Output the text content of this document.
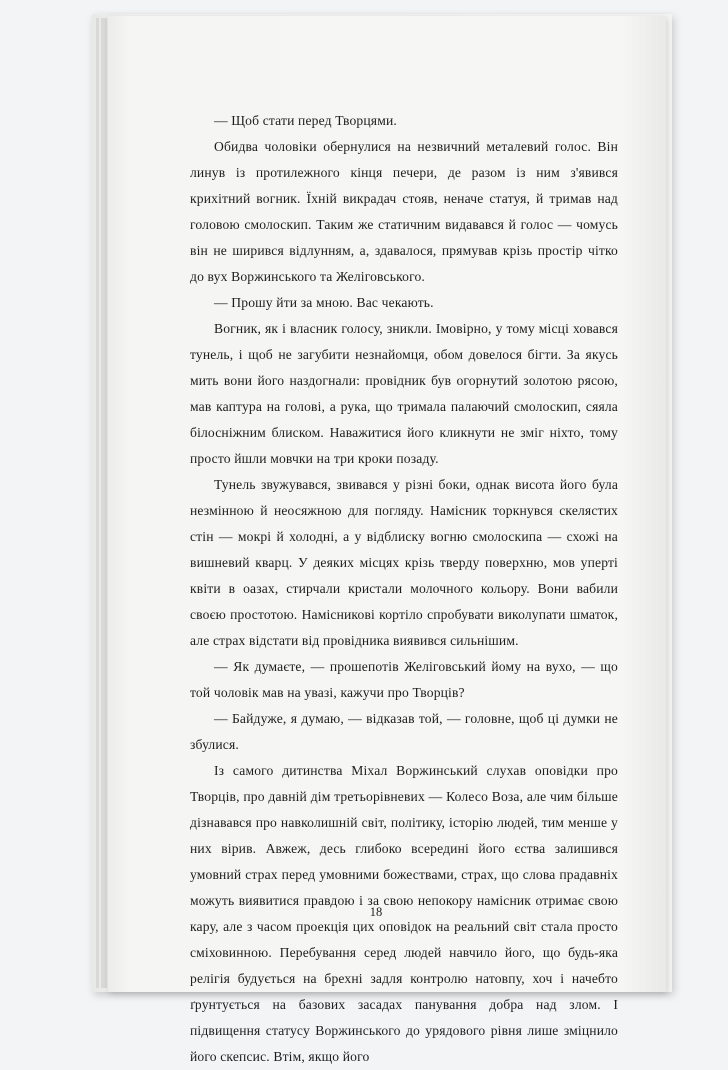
— Щоб стати перед Творцями.

Обидва чоловіки обернулися на незвичний металевий голос. Він линув із протилежного кінця печери, де разом із ним з'явився крихітний вогник. Їхній викрадач стояв, неначе статуя, й тримав над головою смолоскип. Таким же статичним видавався й голос — чомусь він не ширився відлунням, а, здавалося, прямував крізь простір чітко до вух Воржинського та Желіговського.

— Прошу йти за мною. Вас чекають.

Вогник, як і власник голосу, зникли. Імовірно, у тому місці ховався тунель, і щоб не загубити незнайомця, обом довелося бігти. За якусь мить вони його наздогнали: провідник був огорнутий золотою рясою, мав каптура на голові, а рука, що тримала палаючий смолоскип, сяяла білосніжним блиском. Наважитися його кликнути не зміг ніхто, тому просто йшли мовчки на три кроки позаду.

Тунель звужувався, звивався у різні боки, однак висота його була незмінною й неосяжною для погляду. Намісник торкнувся скелястих стін — мокрі й холодні, а у відблиску вогню смолоскипа — схожі на вишневий кварц. У деяких місцях крізь тверду поверхню, мов уперті квіти в оазах, стирчали кристали молочного кольору. Вони вабили своєю простотою. Намісникові кортіло спробувати виколупати шматок, але страх відстати від провідника виявився сильнішим.

— Як думаєте, — прошепотів Желіговський йому на вухо, — що той чоловік мав на увазі, кажучи про Творців?

— Байдуже, я думаю, — відказав той, — головне, щоб ці думки не збулися.

Із самого дитинства Міхал Воржинський слухав оповідки про Творців, про давній дім третьорівневих — Колесо Воза, але чим більше дізнавався про навколишній світ, політику, історію людей, тим менше у них вірив. Авжеж, десь глибоко всередині його єства залишився умовний страх перед умовними божествами, страх, що слова прадавніх можуть виявитися правдою і за свою непокору намісник отримає свою кару, але з часом проекція цих оповідок на реальний світ стала просто сміховинною. Перебування серед людей навчило його, що будь-яка релігія будується на брехні задля контролю натовпу, хоч і начебто ґрунтується на базових засадах панування добра над злом. І підвищення статусу Воржинського до урядового рівня лише зміцнило його скепсис. Втім, якщо його

18
